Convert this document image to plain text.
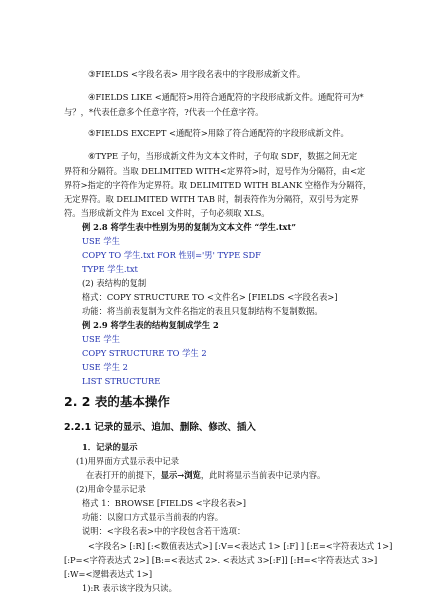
③FIELDS <字段名表> 用字段名表中的字段形成新文件。
④FIELDS LIKE <通配符>用符合通配符的字段形成新文件。通配符可为*
与？，*代表任意多个任意字符，?代表一个任意字符。
⑤FIELDS EXCEPT <通配符>用除了符合通配符的字段形成新文件。
⑥TYPE 子句，当形成新文件为文本文件时，子句取 SDF，数据之间无定
界符和分隔符。当取 DELIMITED WITH<定界符>时，逗号作为分隔符，由<定
界符>指定的字符作为定界符。取 DELIMITED WITH BLANK 空格作为分隔符，
无定界符。取 DELIMITED WITH TAB 时，制表符作为分隔符，双引号为定界
符。当形成新文件为 Excel 文件时，子句必须取 XLS。
例 2.8 将学生表中性别为男的复制为文本文件 “学生.txt”
USE 学生
COPY TO 学生.txt FOR 性别='男' TYPE SDF
TYPE 学生.txt
(2) 表结构的复制
格式：COPY STRUCTURE TO <文件名> [FIELDS <字段名表>]
功能：将当前表复制为文件名指定的表且只复制结构不复制数据。
例 2.9 将学生表的结构复制成学生 2
USE 学生
COPY STRUCTURE TO 学生 2
USE 学生 2
LIST STRUCTURE
2. 2 表的基本操作
2.2.1 记录的显示、追加、删除、修改、插入
1．记录的显示
(1)用界面方式显示表中记录
在表打开的前提下，显示→浏览，此时将显示当前表中记录内容。
(2)用命令显示记录
格式 1：BROWSE [FIELDS <字段名表>]
功能：以窗口方式显示当前表的内容。
说明：<字段名表>中的字段包含若干选项：
<字段名> [:R] [:<数值表达式>] [:V=<表达式 1> [:F] ] [:E=<字符表达式 1>]
[:P=<字符表达式 2>] [B:=<表达式 2>. <表达式 3>[:F]] [:H=<字符表达式 3>]
[:W=<逻辑表达式 1>]
1):R 表示该字段为只读。
